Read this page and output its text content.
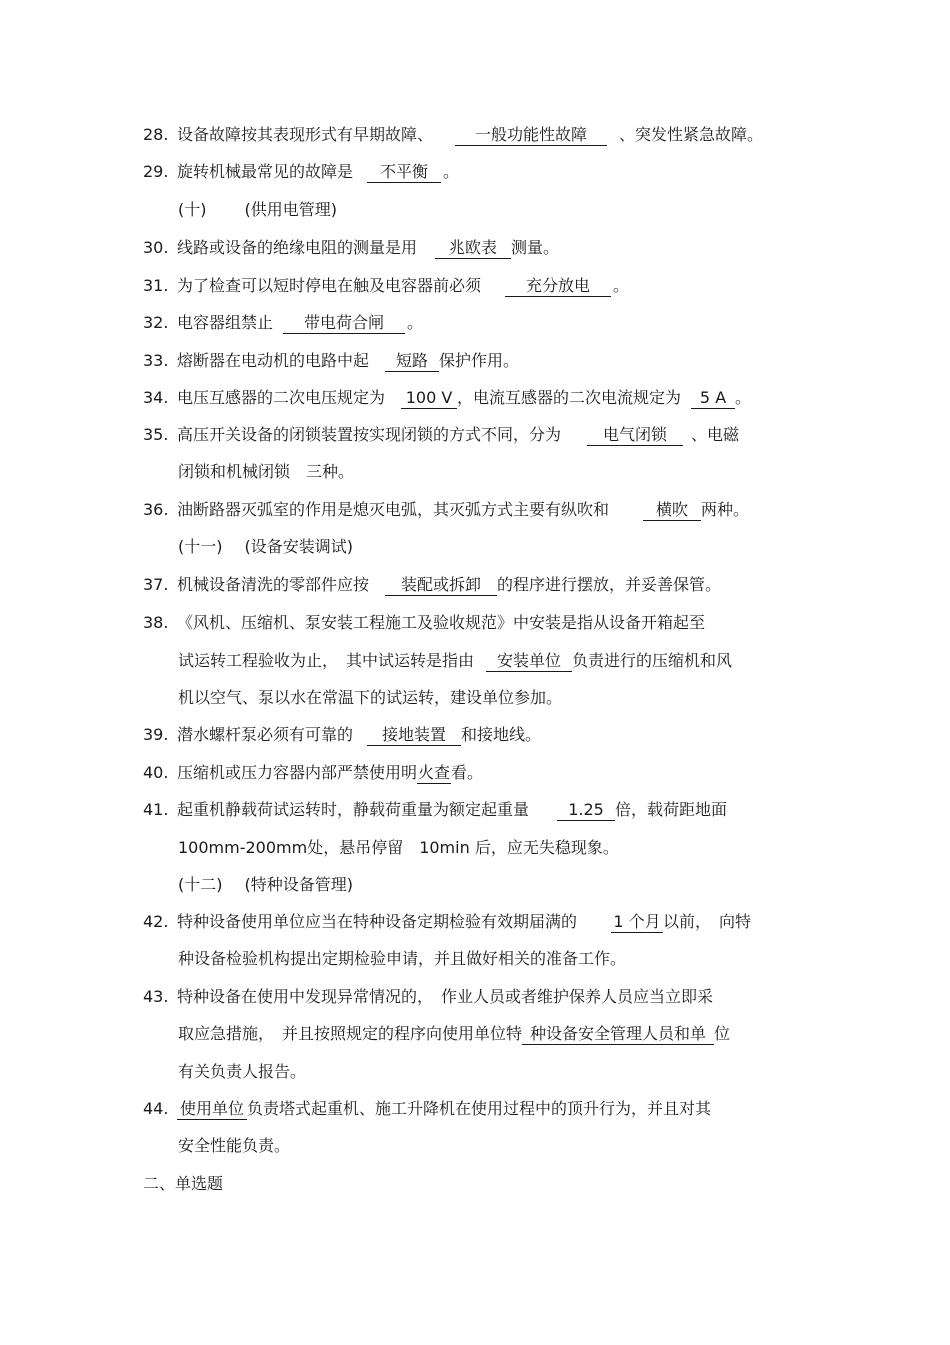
28. 设备故障按其表现形式有早期故障、	一般功能性故障 、突发性紧急故障。
29. 旋转机械最常见的故障是 不平衡 。
(十) (供用电管理)
30. 线路或设备的绝缘电阻的测量是用 兆欧表 测量。
31. 为了检查可以短时停电在触及电容器前必须	充分放电 。
32. 电容器组禁止 带电荷合闸 。
33. 熔断器在电动机的电路中起 短路 保护作用。
34. 电压互感器的二次电压规定为 100 V ，电流互感器的二次电流规定为 5 A 。
35. 高压开关设备的闭锁装置按实现闭锁的方式不同，分为	电气闭锁 、电磁
闭锁和机械闭锁　三种。
36. 油断路器灭弧室的作用是熄灭电弧，其灭弧方式主要有纵吹和	横吹 两种。
(十一) (设备安装调试)
37. 机械设备清洗的零部件应按 装配或拆卸 的程序进行摆放，并妥善保管。
38. 《风机、压缩机、泵安装工程施工及验收规范》中安装是指从设备开箱起至
试运转工程验收为止，　其中试运转是指由 安装单位 负责进行的压缩机和风
机以空气、泵以水在常温下的试运转，建设单位参加。
39. 潜水螺杆泵必须有可靠的 接地装置 和接地线。
40. 压缩机或压力容器内部严禁使用明火查看。
41. 起重机静载荷试运转时，静载荷重量为额定起重量 1.25 倍，载荷距地面
100mm-200mm处，悬吊停留　10min 后，应无失稳现象。
(十二) (特种设备管理)
42. 特种设备使用单位应当在特种设备定期检验有效期届满的 1 个月 以前，　向特
种设备检验机构提出定期检验申请，并且做好相关的准备工作。
43. 特种设备在使用中发现异常情况的，　作业人员或者维护保养人员应当立即采
取应急措施，　并且按照规定的程序向使用单位特 种设备安全管理人员和单 位
有关负责人报告。
44. 使用单位 负责塔式起重机、施工升降机在使用过程中的顶升行为，并且对其
安全性能负责。
二、单选题
